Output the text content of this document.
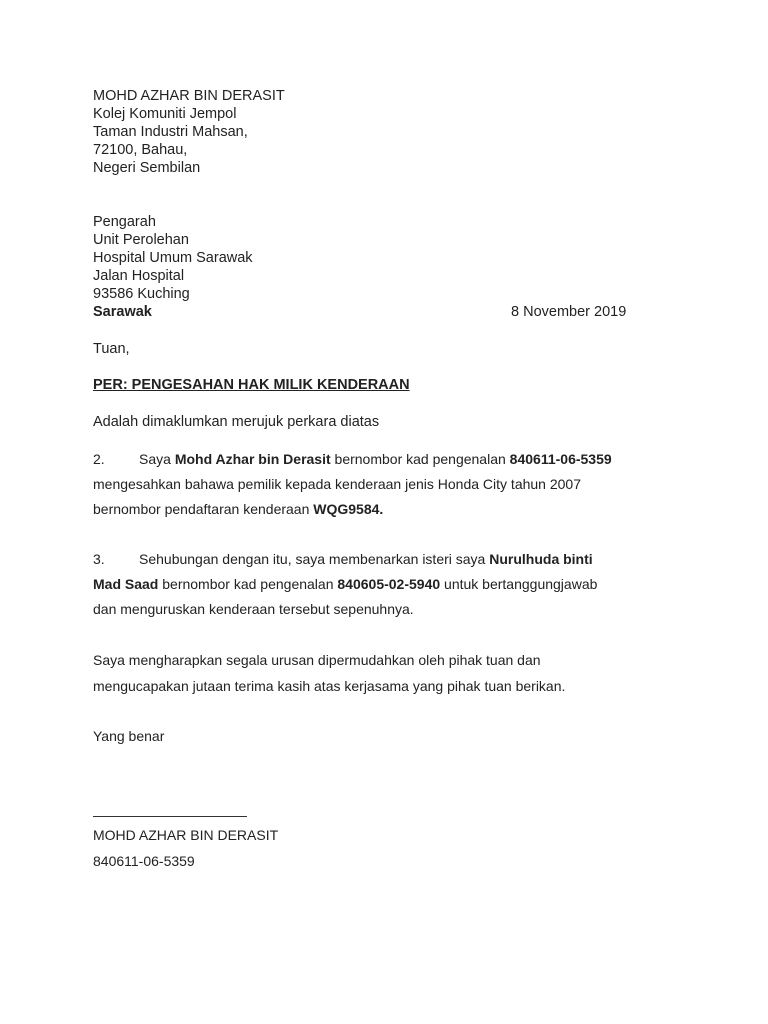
MOHD AZHAR BIN DERASIT
Kolej Komuniti Jempol
Taman Industri Mahsan,
72100, Bahau,
Negeri Sembilan
Pengarah
Unit Perolehan
Hospital Umum Sarawak
Jalan Hospital
93586 Kuching
Sarawak	8 November 2019
Tuan,
PER: PENGESAHAN HAK MILIK KENDERAAN
Adalah dimaklumkan merujuk perkara diatas
2. Saya Mohd Azhar bin Derasit bernombor kad pengenalan 840611-06-5359
mengesahkan bahawa pemilik kepada kenderaan jenis Honda City tahun 2007
bernombor pendaftaran kenderaan WQG9584.
3. Sehubungan dengan itu, saya membenarkan isteri saya Nurulhuda binti
Mad Saad bernombor kad pengenalan 840605-02-5940 untuk bertanggungjawab
dan menguruskan kenderaan tersebut sepenuhnya.
Saya mengharapkan segala urusan dipermudahkan oleh pihak tuan dan
mengucapakan jutaan terima kasih atas kerjasama yang pihak tuan berikan.
Yang benar
MOHD AZHAR BIN DERASIT
840611-06-5359
